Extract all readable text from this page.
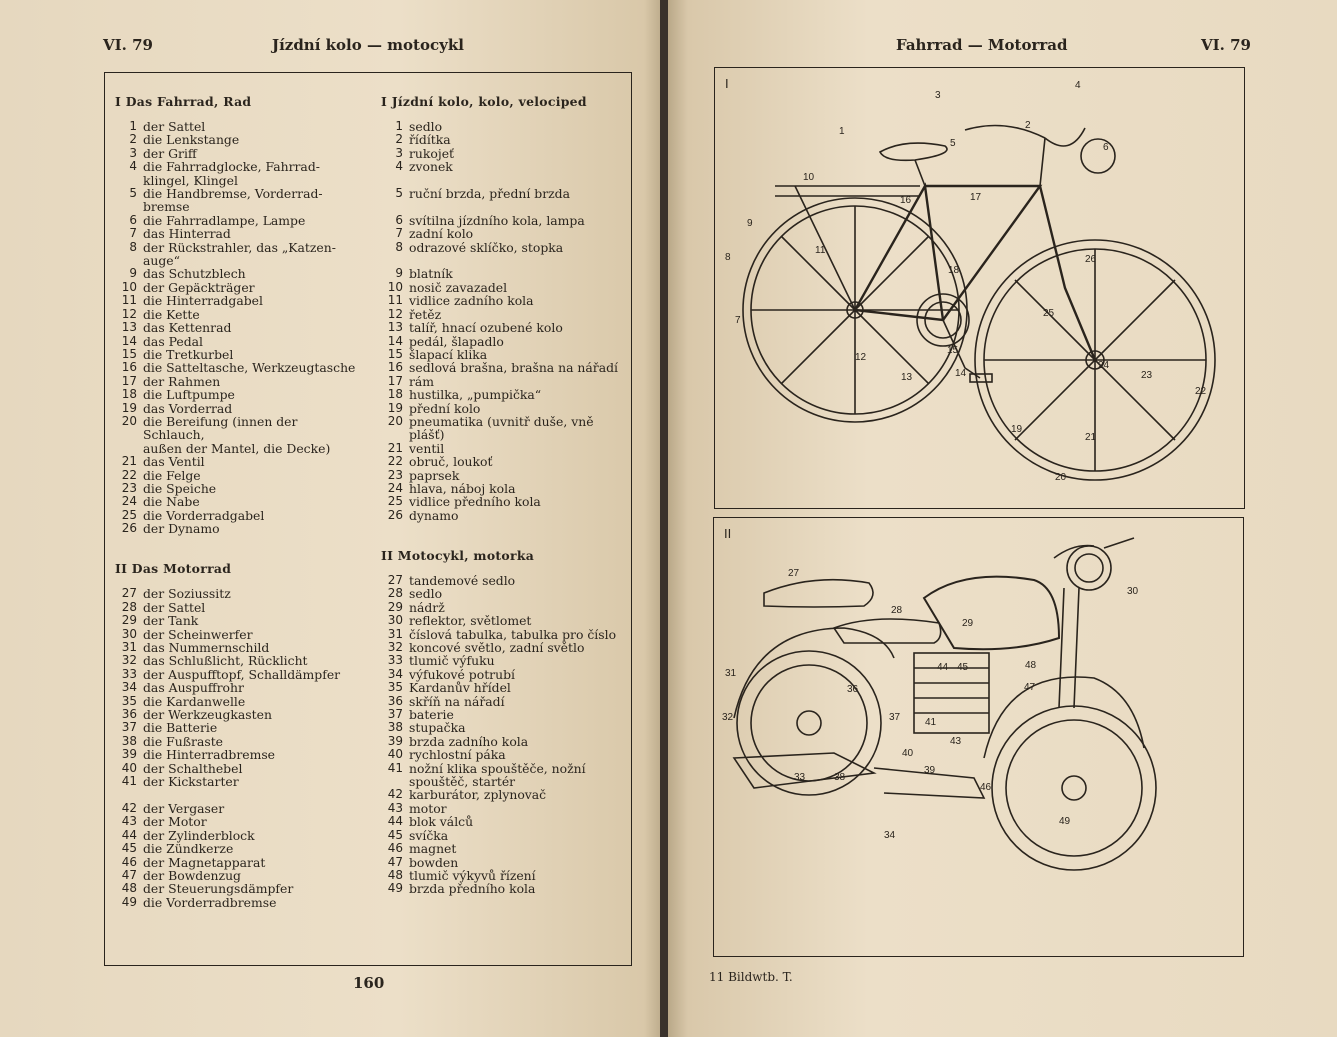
VI. 79	Jízdní kolo — motocykl
I Das Fahrrad, Rad
1 der Sattel
2 die Lenkstange
3 der Griff
4 die Fahrradglocke, Fahrrad-
klingel, Klingel
5 die Handbremse, Vorderrad-
bremse
6 die Fahrradlampe, Lampe
7 das Hinterrad
8 der Rückstrahler, das „Katzen-
auge“
9 das Schutzblech
10 der Gepäckträger
11 die Hinterradgabel
12 die Kette
13 das Kettenrad
14 das Pedal
15 die Tretkurbel
16 die Satteltasche, Werkzeugtasche
17 der Rahmen
18 die Luftpumpe
19 das Vorderrad
20 die Bereifung (innen der Schlauch,
außen der Mantel, die Decke)
21 das Ventil
22 die Felge
23 die Speiche
24 die Nabe
25 die Vorderradgabel
26 der Dynamo
II Das Motorrad
27 der Soziussitz
28 der Sattel
29 der Tank
30 der Scheinwerfer
31 das Nummernschild
32 das Schlußlicht, Rücklicht
33 der Auspufftopf, Schalldämpfer
34 das Auspuffrohr
35 die Kardanwelle
36 der Werkzeugkasten
37 die Batterie
38 die Fußraste
39 die Hinterradbremse
40 der Schalthebel
41 der Kickstarter

42 der Vergaser
43 der Motor
44 der Zylinderblock
45 die Zündkerze
46 der Magnetapparat
47 der Bowdenzug
48 der Steuerungsdämpfer
49 die Vorderradbremse
I Jízdní kolo, kolo, velociped
1 sedlo
2 řídítka
3 rukojeť
4 zvonek

5 ruční brzda, přední brzda

6 svítilna jízdního kola, lampa
7 zadní kolo
8 odrazové sklíčko, stopka

9 blatník
10 nosič zavazadel
11 vidlice zadního kola
12 řetěz
13 talíř, hnací ozubené kolo
14 pedál, šlapadlo
15 šlapací klika
16 sedlová brašna, brašna na nářadí
17 rám
18 hustilka, „pumpička“
19 přední kolo
20 pneumatika (uvnitř duše, vně
plášť)
21 ventil
22 obruč, loukoť
23 paprsek
24 hlava, náboj kola
25 vidlice předního kola
26 dynamo
II Motocykl, motorka
27 tandemové sedlo
28 sedlo
29 nádrž
30 reflektor, světlomet
31 číslová tabulka, tabulka pro číslo
32 koncové světlo, zadní světlo
33 tlumič výfuku
34 výfukové potrubí
35 Kardanův hřídel
36 skříň na nářadí
37 baterie
38 stupačka
39 brzda zadního kola
40 rychlostní páka
41 nožní klika spouštěče, nožní
spouštěč, startér
42 karburátor, zplynovač
43 motor
44 blok válců
45 svíčka
46 magnet
47 bowden
48 tlumič výkyvů řízení
49 brzda předního kola
160
Fahrrad — Motorrad	VI. 79
I
1
2
3
4
5	6
7
8
9
10
11
12
13	14
15
16	17
18
19
20
21
22
23
24
25
26
II
27
28
29
30
31
32
33
34
36
37
38
39
40
41
43
44 45
46
47
48
49
11 Bildwtb. T.
